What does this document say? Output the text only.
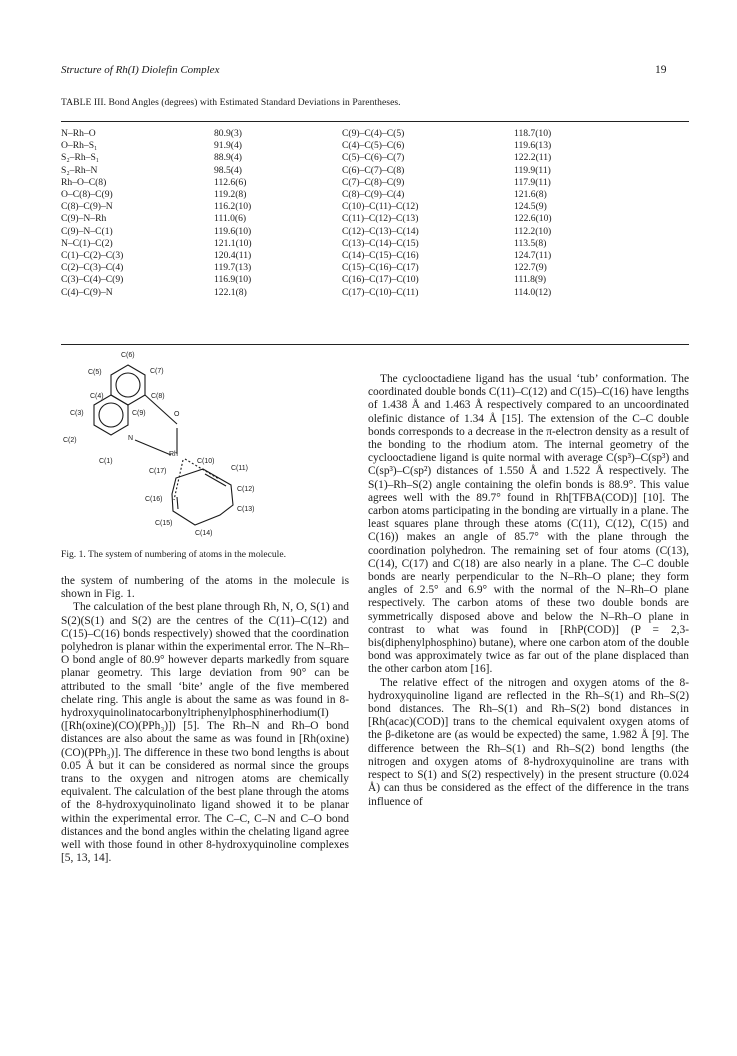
Structure of Rh(I) Diolefin Complex	19
TABLE III. Bond Angles (degrees) with Estimated Standard Deviations in Parentheses.
N–Rh–O	80.9(3)	C(9)–C(4)–C(5)	118.7(10)
O–Rh–S₁	91.9(4)	C(4)–C(5)–C(6)	119.6(13)
S₂–Rh–S₁	88.9(4)	C(5)–C(6)–C(7)	122.2(11)
S₂–Rh–N	98.5(4)	C(6)–C(7)–C(8)	119.9(11)
Rh–O–C(8)	112.6(6)	C(7)–C(8)–C(9)	117.9(11)
O–C(8)–C(9)	119.2(8)	C(8)–C(9)–C(4)	121.6(8)
C(8)–C(9)–N	116.2(10)	C(10)–C(11)–C(12)	124.5(9)
C(9)–N–Rh	111.0(6)	C(11)–C(12)–C(13)	122.6(10)
C(9)–N–C(1)	119.6(10)	C(12)–C(13)–C(14)	112.2(10)
N–C(1)–C(2)	121.1(10)	C(13)–C(14)–C(15)	113.5(8)
C(1)–C(2)–C(3)	120.4(11)	C(14)–C(15)–C(16)	124.7(11)
C(2)–C(3)–C(4)	119.7(13)	C(15)–C(16)–C(17)	122.7(9)
C(3)–C(4)–C(9)	116.9(10)	C(16)–C(17)–C(10)	111.8(9)
C(4)–C(9)–N	122.1(8)	C(17)–C(10)–C(11)	114.0(12)
C(6)
C(5)	C(7)
C(4)	C(8)
C(3)	C(9)	O
C(2)	N
C(1)
Rh
C(10)
C(17)	C(11)
C(12)
C(16)
C(13)
C(15)
C(14)
Fig. 1. The system of numbering of atoms in the molecule.

the system of numbering of the atoms in the molecule is shown in Fig. 1.

The calculation of the best plane through Rh, N, O, S(1) and S(2)(S(1) and S(2) are the centres of the C(11)–C(12) and C(15)–C(16) bonds respectively) showed that the coordination polyhedron is planar within the experimental error. The N–Rh–O bond angle of 80.9° however departs markedly from square planar geometry. This large deviation from 90° can be attributed to the small ‘bite’ angle of the five membered chelate ring. This angle is about the same as was found in 8-hydroxyquinolinatocarbonyltriphenylphosphinerhodium(I) ([Rh(oxine)(CO)(PPh₃)]) [5]. The Rh–N and Rh–O bond distances are also about the same as was found in [Rh(oxine)(CO)(PPh₃)]. The difference in these two bond lengths is about 0.05 Å but it can be considered as normal since the groups trans to the oxygen and nitrogen atoms are chemically equivalent. The calculation of the best plane through the atoms of the 8-hydroxyquinolinato ligand showed it to be planar within the experimental error. The C–C, C–N and C–O bond distances and the bond angles within the chelating ligand agree well with those found in other 8-hydroxyquinoline complexes [5, 13, 14].

The cyclooctadiene ligand has the usual ‘tub’ conformation. The coordinated double bonds C(11)–C(12) and C(15)–C(16) have lengths of 1.438 Å and 1.463 Å respectively compared to an uncoordinated olefinic distance of 1.34 Å [15]. The extension of the C–C double bonds corresponds to a decrease in the π-electron density as a result of the bonding to the rhodium atom. The internal geometry of the cyclooctadiene ligand is quite normal with average C(sp³)–C(sp³) and C(sp³)–C(sp²) distances of 1.550 Å and 1.522 Å respectively. The S(1)–Rh–S(2) angle containing the olefin bonds is 88.9°. This value agrees well with the 89.7° found in Rh[TFBA(COD)] [10]. The carbon atoms participating in the bonding are virtually in a plane. The least squares plane through these atoms (C(11), C(12), C(15) and C(16)) makes an angle of 85.7° with the plane through the coordination polyhedron. The remaining set of four atoms (C(13), C(14), C(17) and C(18) are also nearly in a plane. The C–C double bonds are nearly perpendicular to the N–Rh–O plane; they form angles of 2.5° and 6.9° with the normal of the N–Rh–O plane respectively. The carbon atoms of these two double bonds are symmetrically disposed above and below the N–Rh–O plane in contrast to what was found in [RhP(COD)] (P = 2,3-bis(diphenylphosphino) butane), where one carbon atom of the double bond was approximately twice as far out of the plane displaced than the other carbon atom [16].

The relative effect of the nitrogen and oxygen atoms of the 8-hydroxyquinoline ligand are reflected in the Rh–S(1) and Rh–S(2) bond distances. The Rh–S(1) and Rh–S(2) bond distances in [Rh(acac)(COD)] trans to the chemical equivalent oxygen atoms of the β-diketone are (as would be expected) the same, 1.982 Å [9]. The difference between the Rh–S(1) and Rh–S(2) bond lengths (the nitrogen and oxygen atoms of 8-hydroxyquinoline are trans with respect to S(1) and S(2) respectively) in the present structure (0.024 Å) can thus be considered as the effect of the difference in the trans influence of
